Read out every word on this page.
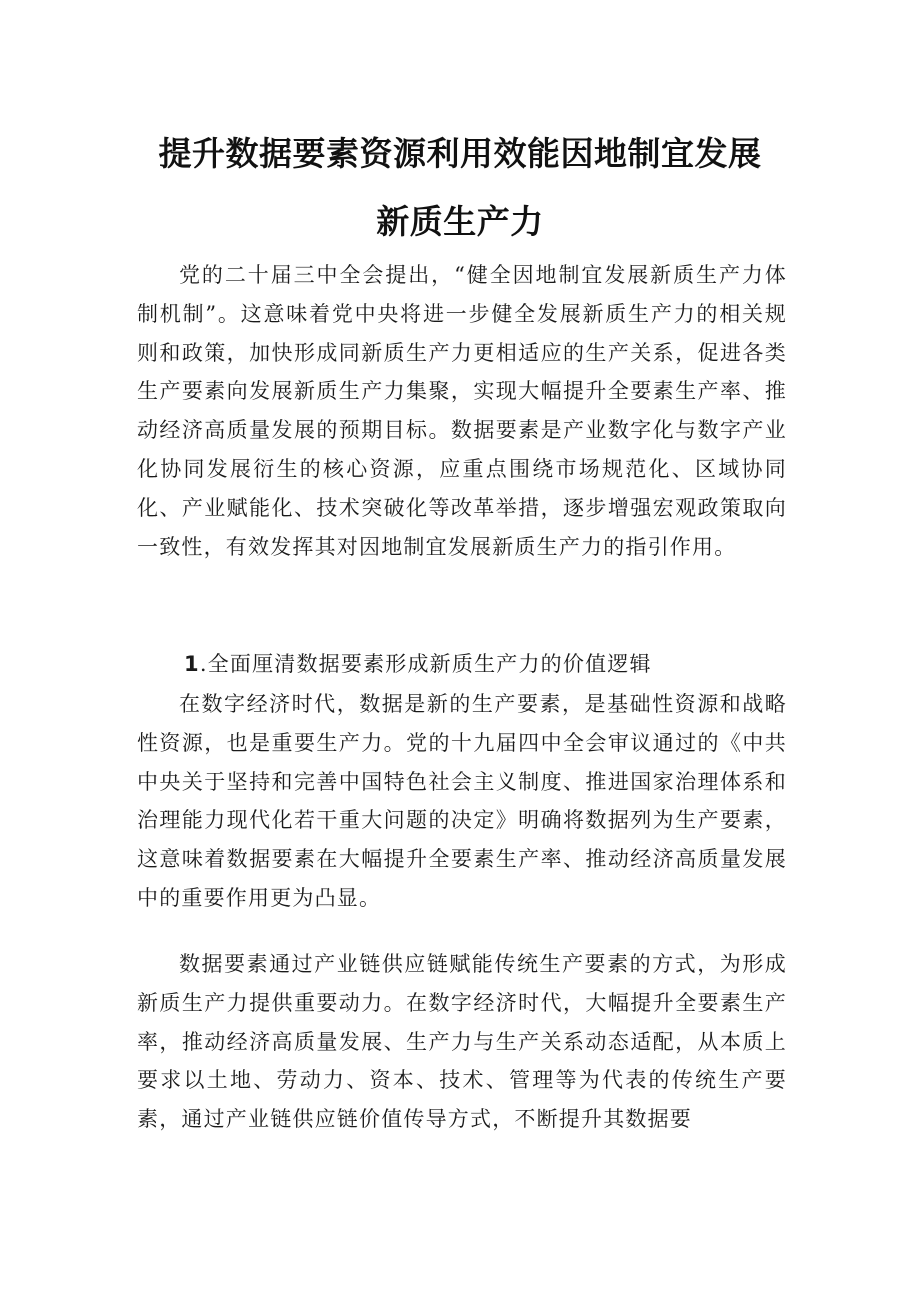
提升数据要素资源利用效能因地制宜发展
新质生产力

党的二十届三中全会提出，“健全因地制宜发展新质生产力体制机制”。这意味着党中央将进一步健全发展新质生产力的相关规则和政策，加快形成同新质生产力更相适应的生产关系，促进各类生产要素向发展新质生产力集聚，实现大幅提升全要素生产率、推动经济高质量发展的预期目标。数据要素是产业数字化与数字产业化协同发展衍生的核心资源，应重点围绕市场规范化、区域协同化、产业赋能化、技术突破化等改革举措，逐步增强宏观政策取向一致性，有效发挥其对因地制宜发展新质生产力的指引作用。

1.全面厘清数据要素形成新质生产力的价值逻辑

在数字经济时代，数据是新的生产要素，是基础性资源和战略性资源，也是重要生产力。党的十九届四中全会审议通过的《中共中央关于坚持和完善中国特色社会主义制度、推进国家治理体系和治理能力现代化若干重大问题的决定》明确将数据列为生产要素，这意味着数据要素在大幅提升全要素生产率、推动经济高质量发展中的重要作用更为凸显。

数据要素通过产业链供应链赋能传统生产要素的方式，为形成新质生产力提供重要动力。在数字经济时代，大幅提升全要素生产率，推动经济高质量发展、生产力与生产关系动态适配，从本质上要求以土地、劳动力、资本、技术、管理等为代表的传统生产要素，通过产业链供应链价值传导方式，不断提升其数据要
